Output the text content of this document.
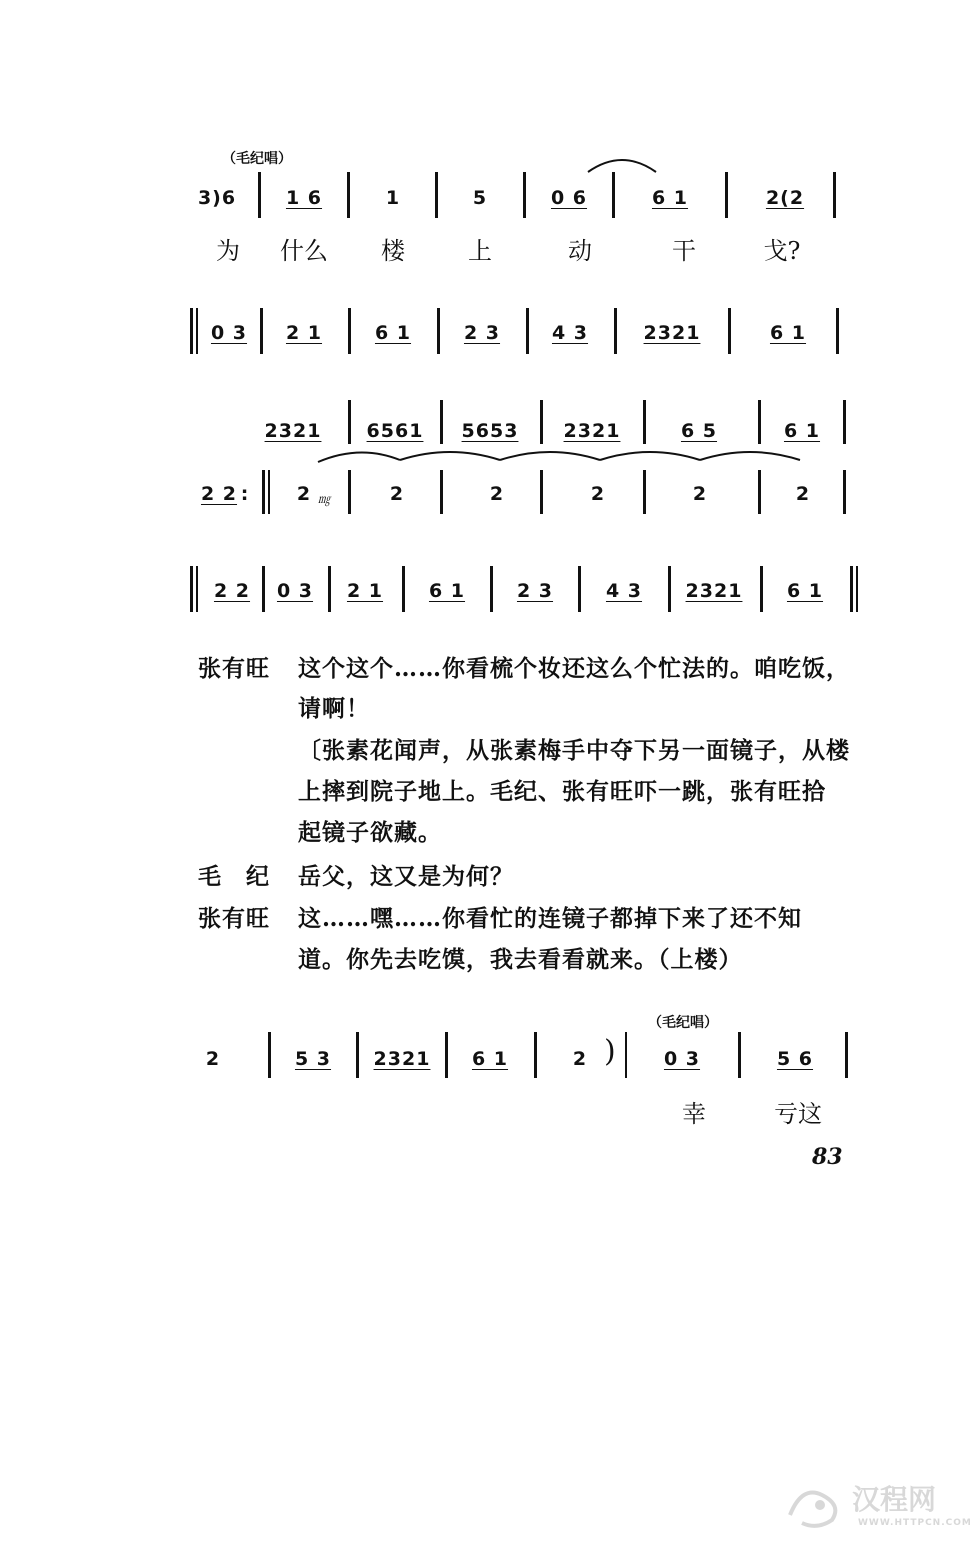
（毛纪唱）
3)6	1 6	1	5	0 6	6 1	2(2
为 什么 楼	上	动	干	戈?
0 3 2 1	6 1	2 3	4 3	2321	6 1
2321 6561 5653 2321	6 5	6 1
2 2 :	2 ㎎	2	2	2	2	2
2 2 0 3 2 1 6 1	2 3	4 3 2321 6 1
张有旺 这个这个……你看梳个妆还这么个忙法的。咱吃饭，
请啊！
〔张素花闻声，从张素梅手中夺下另一面镜子，从楼
上摔到院子地上。毛纪、张有旺吓一跳，张有旺拾
起镜子欲藏。
毛　纪 岳父，这又是为何？
张有旺 这……嘿……你看忙的连镜子都掉下来了还不知
道。你先去吃馍，我去看看就来。（上楼）
（毛纪唱）
)
2	5 3 2321 6 1	2	0 3	5 6
幸	亏这
83
汉程网
WWW.HTTPCN.COM
